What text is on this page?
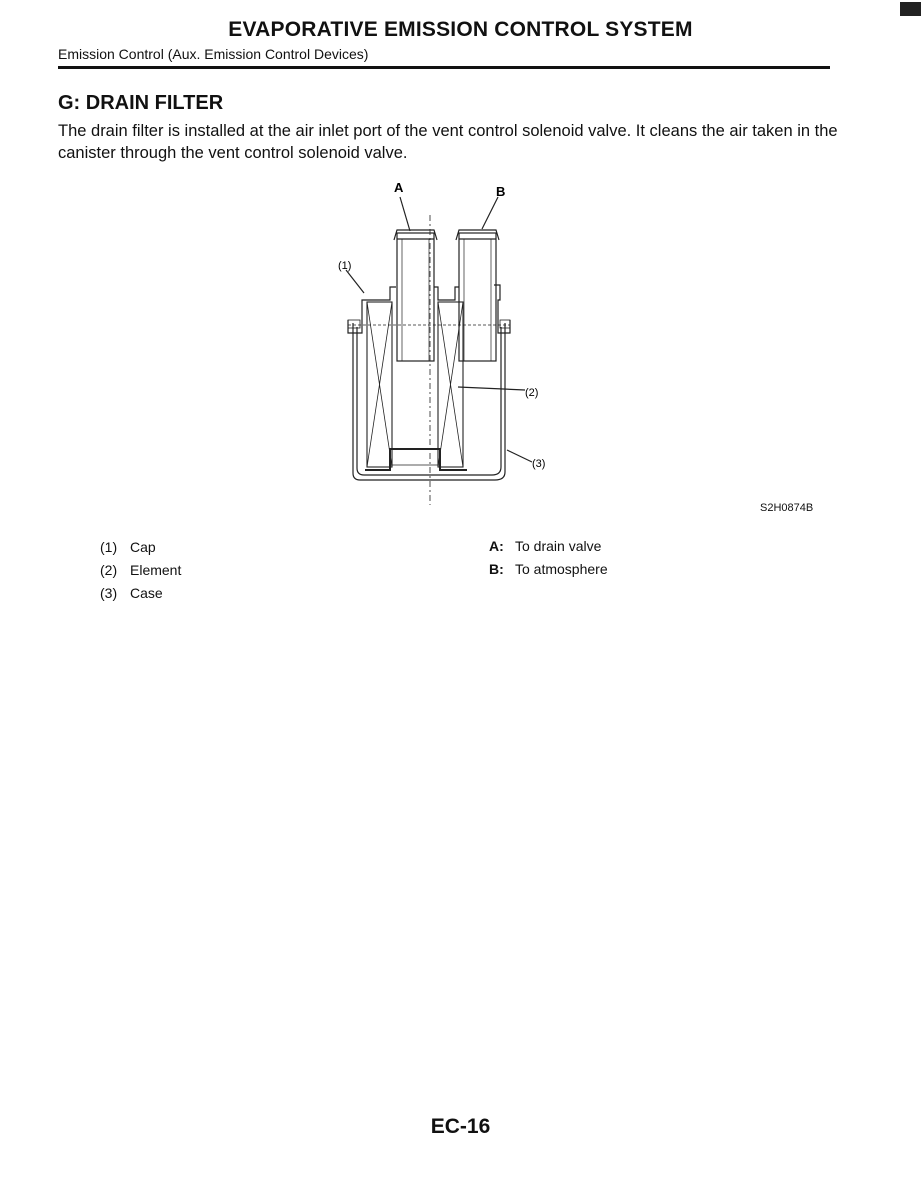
EVAPORATIVE EMISSION CONTROL SYSTEM
Emission Control (Aux. Emission Control Devices)
G: DRAIN FILTER
The drain filter is installed at the air inlet port of the vent control solenoid valve. It cleans the air taken in the canister through the vent control solenoid valve.
A	B
(1)
(2)
(3)
S2H0874B
(1) Cap
(2) Element
(3) Case
A: To drain valve
B: To atmosphere
EC-16
